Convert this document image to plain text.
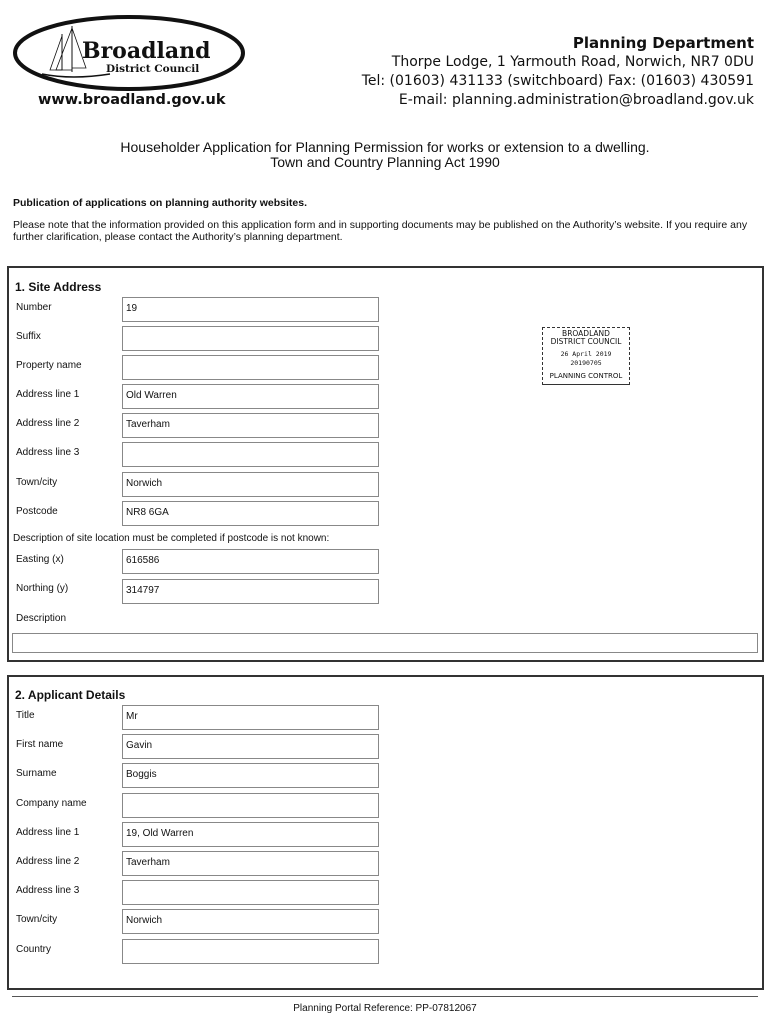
Broadland
District Council
www.broadland.gov.uk
Planning Department
Thorpe Lodge, 1 Yarmouth Road, Norwich, NR7 0DU
Tel: (01603) 431133 (switchboard) Fax: (01603) 430591
E-mail: planning.administration@broadland.gov.uk
Householder Application for Planning Permission for works or extension to a dwelling.
Town and Country Planning Act 1990
Publication of applications on planning authority websites.
Please note that the information provided on this application form and in supporting documents may be published on the Authority’s website. If you require any further clarification, please contact the Authority’s planning department.
1. Site Address
Number	19
Suffix
Property name
Address line 1	Old Warren
Address line 2	Taverham
Address line 3
Town/city	Norwich
Postcode	NR8 6GA
Description of site location must be completed if postcode is not known:
Easting (x)	616586
Northing (y)	314797
Description
BROADLAND
DISTRICT COUNCIL
26 April 2019
20190705
PLANNING CONTROL
2. Applicant Details
Title	Mr
First name	Gavin
Surname	Boggis
Company name
Address line 1	19, Old Warren
Address line 2	Taverham
Address line 3
Town/city	Norwich
Country
Planning Portal Reference: PP-07812067
